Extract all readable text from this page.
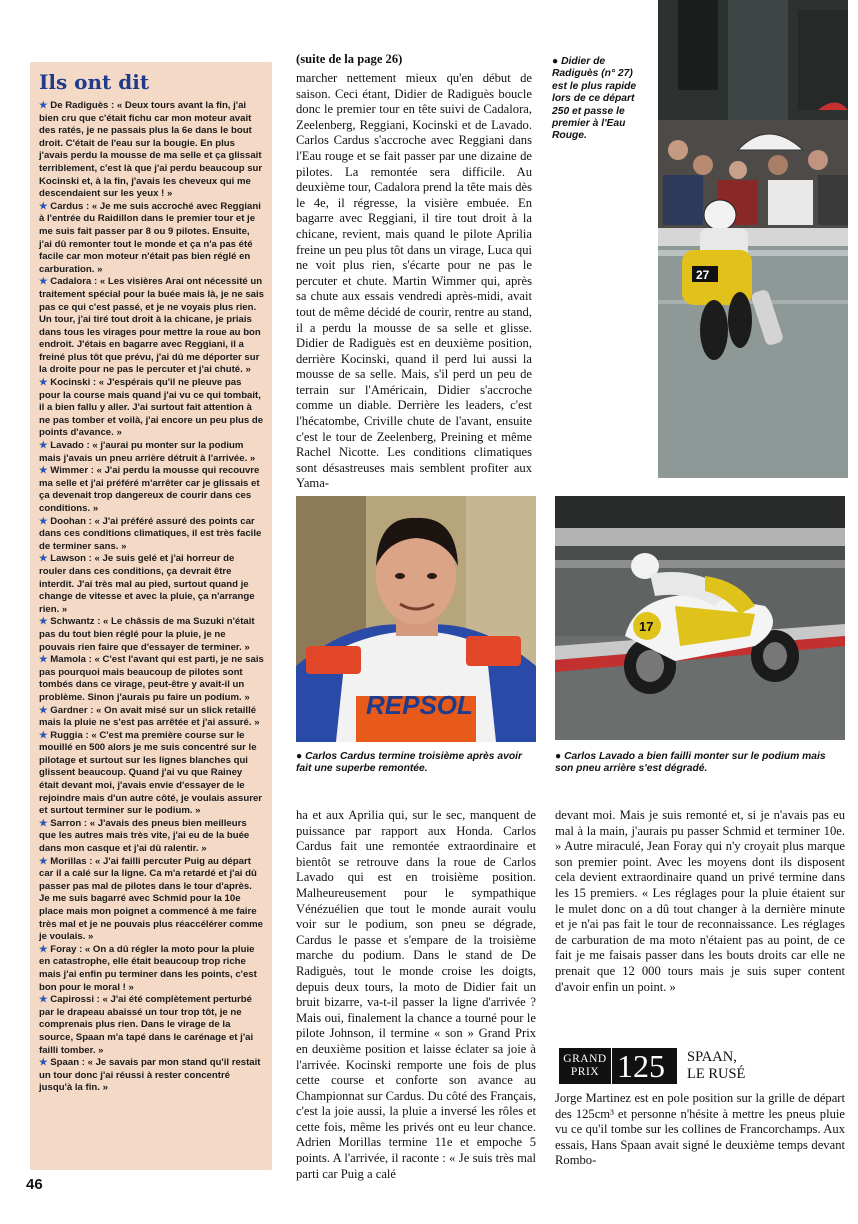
Ils ont dit

★ De Radiguès : « Deux tours avant la fin, j'ai bien cru que c'était fichu car mon moteur avait des ratés, je ne passais plus la 6e dans le bout droit. C'était de l'eau sur la bougie. En plus j'avais perdu la mousse de ma selle et ça glissait terriblement, c'est là que j'ai perdu beaucoup sur Kocinski et, à la fin, j'avais les cheveux qui me descendaient sur les yeux ! »

★ Cardus : « Je me suis accroché avec Reggiani à l'entrée du Raidillon dans le premier tour et je me suis fait passer par 8 ou 9 pilotes. Ensuite, j'ai dû remonter tout le monde et ça n'a pas été facile car mon moteur n'était pas bien réglé en carburation. »

★ Cadalora : « Les visières Arai ont nécessité un traitement spécial pour la buée mais là, je ne sais pas ce qui c'est passé, et je ne voyais plus rien. Un tour, j'ai tiré tout droit à la chicane, je priais dans tous les virages pour mettre la roue au bon endroit. J'étais en bagarre avec Reggiani, il a freiné plus tôt que prévu, j'ai dû me déporter sur la droite pour ne pas le percuter et j'ai chuté. »

★ Kocinski : « J'espérais qu'il ne pleuve pas pour la course mais quand j'ai vu ce qui tombait, il a bien fallu y aller. J'ai surtout fait attention à ne pas tomber et voilà, j'ai encore un peu plus de points d'avance. »

★ Lavado : « j'aurai pu monter sur la podium mais j'avais un pneu arrière détruit à l'arrivée. »

★ Wimmer : « J'ai perdu la mousse qui recouvre ma selle et j'ai préféré m'arrêter car je glissais et ça devenait trop dangereux de courir dans ces conditions. »

★ Doohan : « J'ai préféré assuré des points car dans ces conditions climatiques, il est très facile de terminer sans. »

★ Lawson : « Je suis gelé et j'ai horreur de rouler dans ces conditions, ça devrait être interdit. J'ai très mal au pied, surtout quand je change de vitesse et avec la pluie, ça n'arrange rien. »

★ Schwantz : « Le châssis de ma Suzuki n'était pas du tout bien réglé pour la pluie, je ne pouvais rien faire que d'essayer de terminer. »

★ Mamola : « C'est l'avant qui est parti, je ne sais pas pourquoi mais beaucoup de pilotes sont tombés dans ce virage, peut-être y avait-il un problème. Sinon j'aurais pu faire un podium. »

★ Gardner : « On avait misé sur un slick retaillé mais la pluie ne s'est pas arrêtée et j'ai assuré. »

★ Ruggia : « C'est ma première course sur le mouillé en 500 alors je me suis concentré sur le pilotage et surtout sur les lignes blanches qui glissent beaucoup. Quand j'ai vu que Rainey était devant moi, j'avais envie d'essayer de le rejoindre mais d'un autre côté, je voulais assurer et surtout terminer sur le podium. »

★ Sarron : « J'avais des pneus bien meilleurs que les autres mais très vite, j'ai eu de la buée dans mon casque et j'ai dû ralentir. »

★ Morillas : « J'ai failli percuter Puig au départ car il a calé sur la ligne. Ca m'a retardé et j'ai dû passer pas mal de pilotes dans le tour d'après. Je me suis bagarré avec Schmid pour la 10e place mais mon poignet a commencé à me faire très mal et je ne pouvais plus réaccélérer comme je voulais. »

★ Foray : « On a dû régler la moto pour la pluie en catastrophe, elle était beaucoup trop riche mais j'ai enfin pu terminer dans les points, c'est bon pour le moral ! »

★ Capirossi : « J'ai été complètement perturbé par le drapeau abaissé un tour trop tôt, je ne comprenais plus rien. Dans le virage de la source, Spaan m'a tapé dans le carénage et j'ai failli tomber. »

★ Spaan : « Je savais par mon stand qu'il restait un tour donc j'ai réussi à rester concentré jusqu'à la fin. »

(suite de la page 26)

marcher nettement mieux qu'en début de saison. Ceci étant, Didier de Radiguès boucle donc le premier tour en tête suivi de Cadalora, Zeelenberg, Reggiani, Kocinski et de Lavado. Carlos Cardus s'accroche avec Reggiani dans l'Eau rouge et se fait passer par une dizaine de pilotes. La remontée sera difficile. Au deuxième tour, Cadalora prend la tête mais dès le 4e, il régresse, la visière embuée. En bagarre avec Reggiani, il tire tout droit à la chicane, revient, mais quand le pilote Aprilia freine un peu plus tôt dans un virage, Luca qui ne voit plus rien, s'écarte pour ne pas le percuter et chute. Martin Wimmer qui, après sa chute aux essais vendredi après-midi, avait tout de même décidé de courir, rentre au stand, il a perdu la mousse de sa selle et glisse. Didier de Radiguès est en deuxième position, derrière Kocinski, quand il perd lui aussi la mousse de sa selle. Mais, s'il perd un peu de terrain sur l'Américain, Didier s'accroche comme un diable. Derrière les leaders, c'est l'hécatombe, Criville chute de l'avant, ensuite c'est le tour de Zeelenberg, Preining et même Rachel Nicotte. Les conditions climatiques sont désastreuses mais semblent profiter aux Yama-

● Didier de Radiguès (n° 27) est le plus rapide lors de ce départ 250 et passe le premier à l'Eau Rouge.
27
REPSOL
17
● Carlos Cardus termine troisième après avoir fait une superbe remontée.
● Carlos Lavado a bien failli monter sur le podium mais son pneu arrière s'est dégradé.

ha et aux Aprilia qui, sur le sec, manquent de puissance par rapport aux Honda. Carlos Cardus fait une remontée extraordinaire et bientôt se retrouve dans la roue de Carlos Lavado qui est en troisième position. Malheureusement pour le sympathique Vénézuélien que tout le monde aurait voulu voir sur le podium, son pneu se dégrade, Cardus le passe et s'empare de la troisième marche du podium. Dans le stand de De Radiguès, tout le monde croise les doigts, depuis deux tours, la moto de Didier fait un bruit bizarre, va-t-il passer la ligne d'arrivée ? Mais oui, finalement la chance a tourné pour le pilote Johnson, il termine « son » Grand Prix en deuxième position et laisse éclater sa joie à l'arrivée. Kocinski remporte une fois de plus cette course et conforte son avance au Championnat sur Cardus. Du côté des Français, c'est la joie aussi, la pluie a inversé les rôles et cette fois, même les privés ont eu leur chance. Adrien Morillas termine 11e et empoche 5 points. A l'arrivée, il raconte : « Je suis très mal parti car Puig a calé

devant moi. Mais je suis remonté et, si je n'avais pas eu mal à la main, j'aurais pu passer Schmid et terminer 10e. » Autre miraculé, Jean Foray qui n'y croyait plus marque son premier point. Avec les moyens dont ils disposent cela devient extraordinaire quand un privé termine dans les 15 premiers. « Les réglages pour la pluie étaient sur le mulet donc on a dû tout changer à la dernière minute et je n'ai pas fait le tour de reconnaissance. Les réglages de carburation de ma moto n'étaient pas au point, de ce fait je me faisais passer dans les bouts droits car elle ne prenait que 12 000 tours mais je suis super content d'avoir enfin un point. »

GRAND
PRIX 125 SPAAN,
LE RUSÉ

Jorge Martinez est en pole position sur la grille de départ des 125cm³ et personne n'hésite à mettre les pneus pluie vu ce qu'il tombe sur les collines de Francorchamps. Aux essais, Hans Spaan avait signé le deuxième temps devant Rombo-

46
